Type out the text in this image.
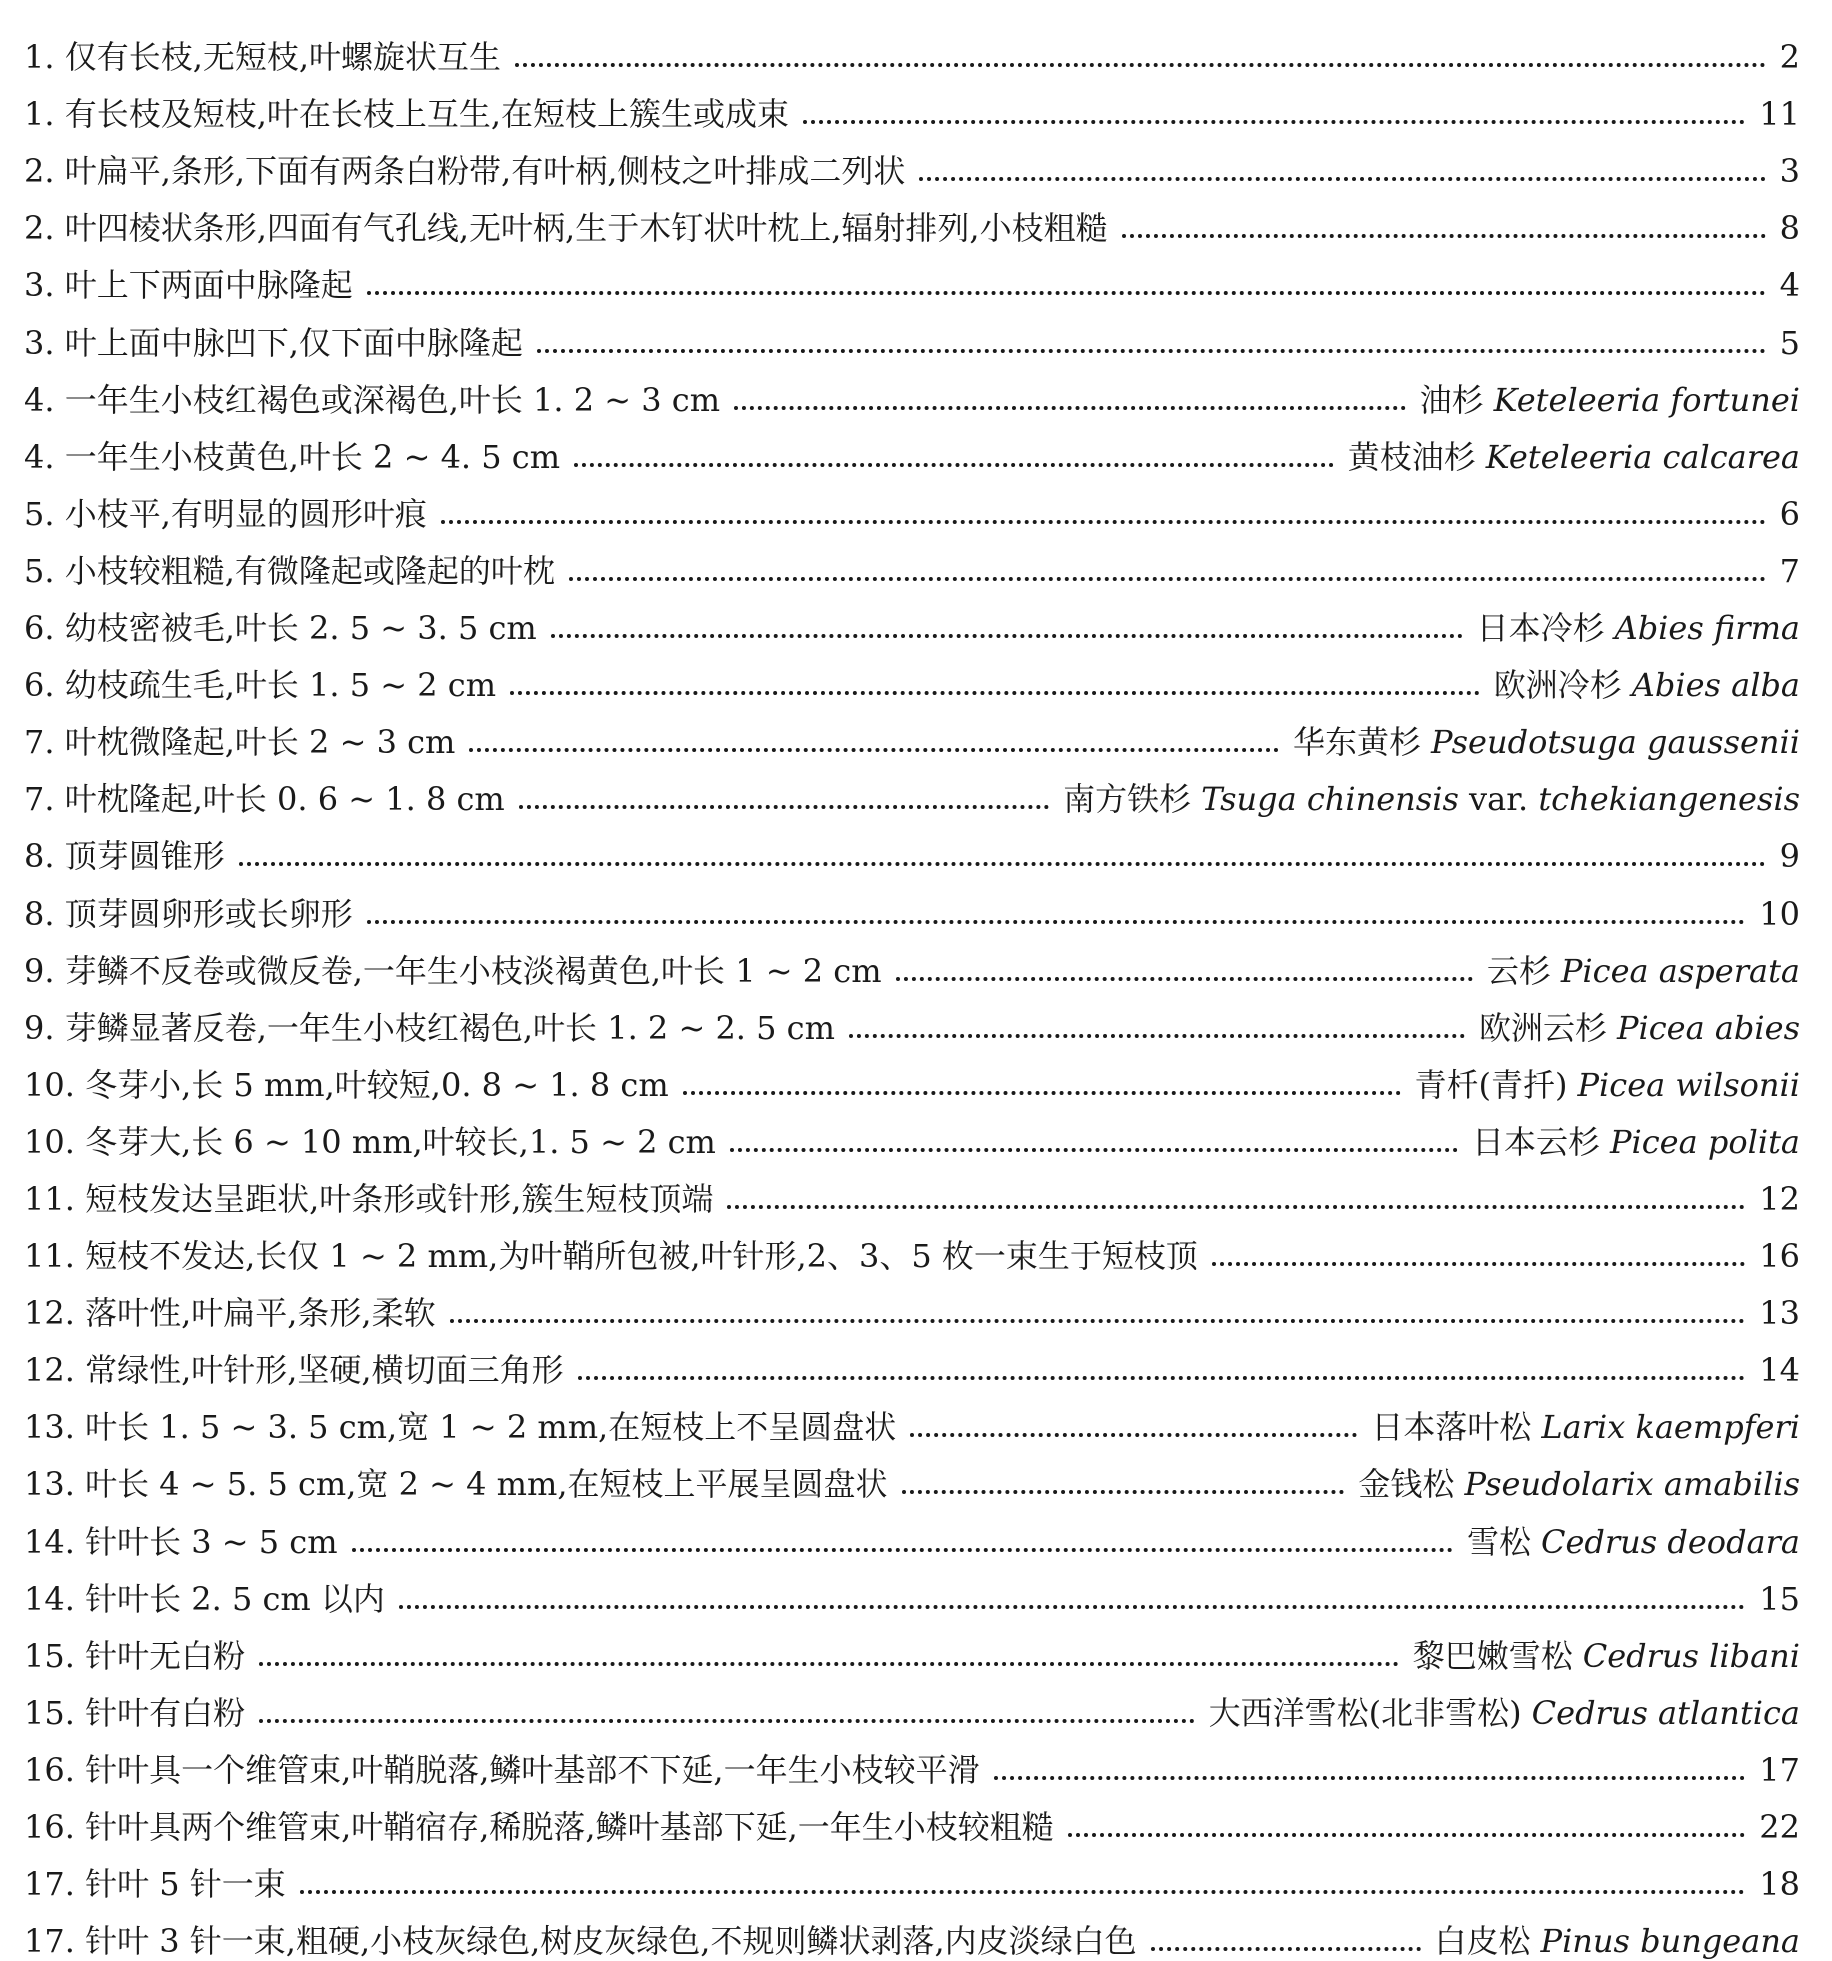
1. 仅有长枝,无短枝,叶螺旋状互生	2
1. 有长枝及短枝,叶在长枝上互生,在短枝上簇生或成束	11
2. 叶扁平,条形,下面有两条白粉带,有叶柄,侧枝之叶排成二列状	3
2. 叶四棱状条形,四面有气孔线,无叶柄,生于木钉状叶枕上,辐射排列,小枝粗糙	8
3. 叶上下两面中脉隆起	4
3. 叶上面中脉凹下,仅下面中脉隆起	5
4. 一年生小枝红褐色或深褐色,叶长 1. 2 ~ 3 cm	油杉 Keteleeria fortunei
4. 一年生小枝黄色,叶长 2 ~ 4. 5 cm	黄枝油杉 Keteleeria calcarea
5. 小枝平,有明显的圆形叶痕	6
5. 小枝较粗糙,有微隆起或隆起的叶枕	7
6. 幼枝密被毛,叶长 2. 5 ~ 3. 5 cm	日本冷杉 Abies firma
6. 幼枝疏生毛,叶长 1. 5 ~ 2 cm	欧洲冷杉 Abies alba
7. 叶枕微隆起,叶长 2 ~ 3 cm	华东黄杉 Pseudotsuga gaussenii
7. 叶枕隆起,叶长 0. 6 ~ 1. 8 cm	南方铁杉 Tsuga chinensis var. tchekiangenesis
8. 顶芽圆锥形	9
8. 顶芽圆卵形或长卵形	10
9. 芽鳞不反卷或微反卷,一年生小枝淡褐黄色,叶长 1 ~ 2 cm	云杉 Picea asperata
9. 芽鳞显著反卷,一年生小枝红褐色,叶长 1. 2 ~ 2. 5 cm	欧洲云杉 Picea abies
10. 冬芽小,长 5 mm,叶较短,0. 8 ~ 1. 8 cm	青杄(青扦) Picea wilsonii
10. 冬芽大,长 6 ~ 10 mm,叶较长,1. 5 ~ 2 cm	日本云杉 Picea polita
11. 短枝发达呈距状,叶条形或针形,簇生短枝顶端	12
11. 短枝不发达,长仅 1 ~ 2 mm,为叶鞘所包被,叶针形,2、3、5 枚一束生于短枝顶	16
12. 落叶性,叶扁平,条形,柔软	13
12. 常绿性,叶针形,坚硬,横切面三角形	14
13. 叶长 1. 5 ~ 3. 5 cm,宽 1 ~ 2 mm,在短枝上不呈圆盘状	日本落叶松 Larix kaempferi
13. 叶长 4 ~ 5. 5 cm,宽 2 ~ 4 mm,在短枝上平展呈圆盘状	金钱松 Pseudolarix amabilis
14. 针叶长 3 ~ 5 cm	雪松 Cedrus deodara
14. 针叶长 2. 5 cm 以内	15
15. 针叶无白粉	黎巴嫩雪松 Cedrus libani
15. 针叶有白粉	大西洋雪松(北非雪松) Cedrus atlantica
16. 针叶具一个维管束,叶鞘脱落,鳞叶基部不下延,一年生小枝较平滑	17
16. 针叶具两个维管束,叶鞘宿存,稀脱落,鳞叶基部下延,一年生小枝较粗糙	22
17. 针叶 5 针一束	18
17. 针叶 3 针一束,粗硬,小枝灰绿色,树皮灰绿色,不规则鳞状剥落,内皮淡绿白色	白皮松 Pinus bungeana
